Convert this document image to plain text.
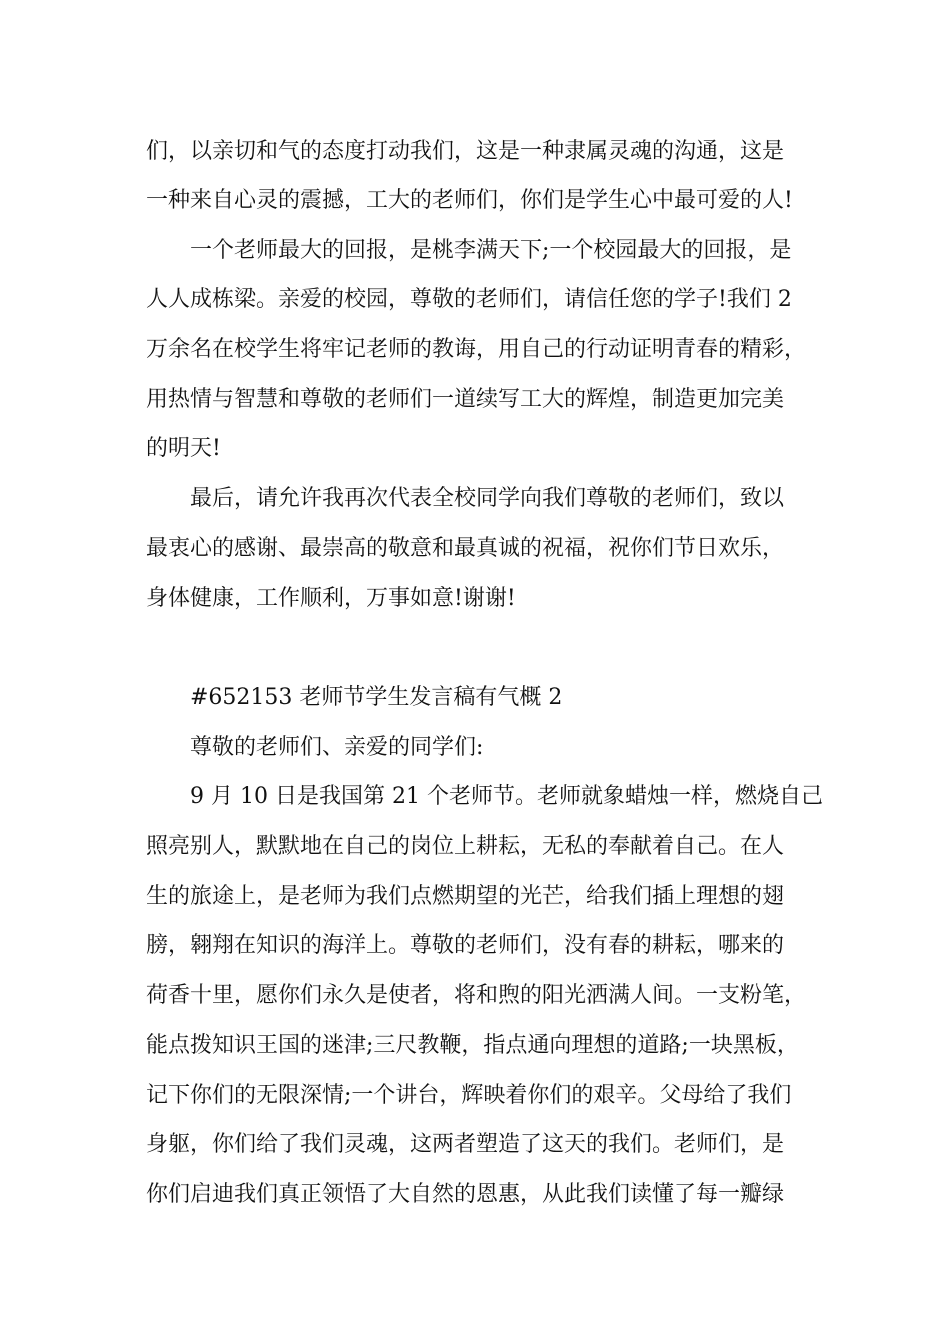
们，以亲切和气的态度打动我们，这是一种隶属灵魂的沟通，这是
一种来自心灵的震撼，工大的老师们，你们是学生心中最可爱的人!
一个老师最大的回报，是桃李满天下;一个校园最大的回报，是
人人成栋梁。亲爱的校园，尊敬的老师们，请信任您的学子!我们 2
万余名在校学生将牢记老师的教诲，用自己的行动证明青春的精彩，
用热情与智慧和尊敬的老师们一道续写工大的辉煌，制造更加完美
的明天!
最后，请允许我再次代表全校同学向我们尊敬的老师们，致以
最衷心的感谢、最崇高的敬意和最真诚的祝福，祝你们节日欢乐，
身体健康，工作顺利，万事如意!谢谢!
#652153 老师节学生发言稿有气概 2
尊敬的老师们、亲爱的同学们:
9 月 10 日是我国第 21 个老师节。老师就象蜡烛一样，燃烧自己
照亮别人，默默地在自己的岗位上耕耘，无私的奉献着自己。在人
生的旅途上，是老师为我们点燃期望的光芒，给我们插上理想的翅
膀，翱翔在知识的海洋上。尊敬的老师们，没有春的耕耘，哪来的
荷香十里，愿你们永久是使者，将和煦的阳光洒满人间。一支粉笔，
能点拨知识王国的迷津;三尺教鞭，指点通向理想的道路;一块黑板，
记下你们的无限深情;一个讲台，辉映着你们的艰辛。父母给了我们
身躯，你们给了我们灵魂，这两者塑造了这天的我们。老师们，是
你们启迪我们真正领悟了大自然的恩惠，从此我们读懂了每一瓣绿
